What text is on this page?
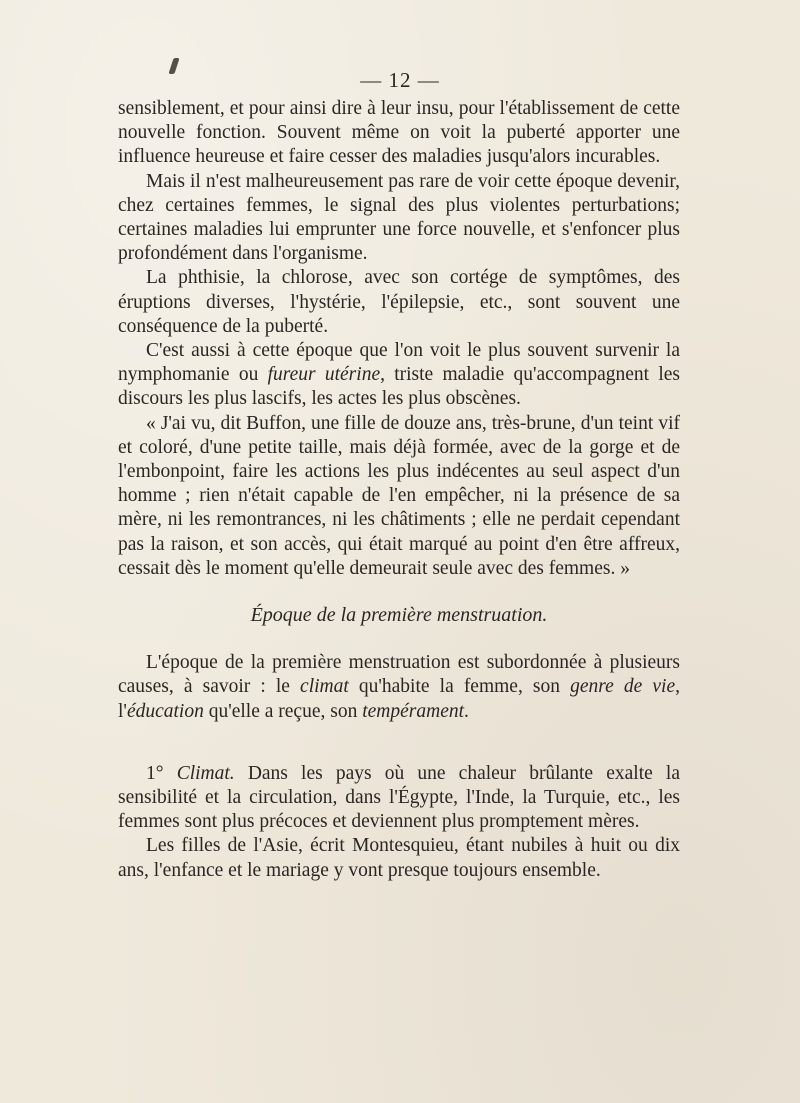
— 12 —

sensiblement, et pour ainsi dire à leur insu, pour l'établissement de cette nouvelle fonction. Souvent même on voit la puberté apporter une influence heureuse et faire cesser des maladies jusqu'alors incurables.

Mais il n'est malheureusement pas rare de voir cette époque devenir, chez certaines femmes, le signal des plus violentes perturbations; certaines maladies lui emprunter une force nouvelle, et s'enfoncer plus profondément dans l'organisme.

La phthisie, la chlorose, avec son cortége de symptômes, des éruptions diverses, l'hystérie, l'épilepsie, etc., sont souvent une conséquence de la puberté.

C'est aussi à cette époque que l'on voit le plus souvent survenir la nymphomanie ou fureur utérine, triste maladie qu'accompagnent les discours les plus lascifs, les actes les plus obscènes.

« J'ai vu, dit Buffon, une fille de douze ans, très-brune, d'un teint vif et coloré, d'une petite taille, mais déjà formée, avec de la gorge et de l'embonpoint, faire les actions les plus indécentes au seul aspect d'un homme ; rien n'était capable de l'en empêcher, ni la présence de sa mère, ni les remontrances, ni les châtiments ; elle ne perdait cependant pas la raison, et son accès, qui était marqué au point d'en être affreux, cessait dès le moment qu'elle demeurait seule avec des femmes. »

Époque de la première menstruation.

L'époque de la première menstruation est subordonnée à plusieurs causes, à savoir : le climat qu'habite la femme, son genre de vie, l'éducation qu'elle a reçue, son tempérament.

1° Climat. Dans les pays où une chaleur brûlante exalte la sensibilité et la circulation, dans l'Égypte, l'Inde, la Turquie, etc., les femmes sont plus précoces et deviennent plus promptement mères.

Les filles de l'Asie, écrit Montesquieu, étant nubiles à huit ou dix ans, l'enfance et le mariage y vont presque toujours ensemble.
